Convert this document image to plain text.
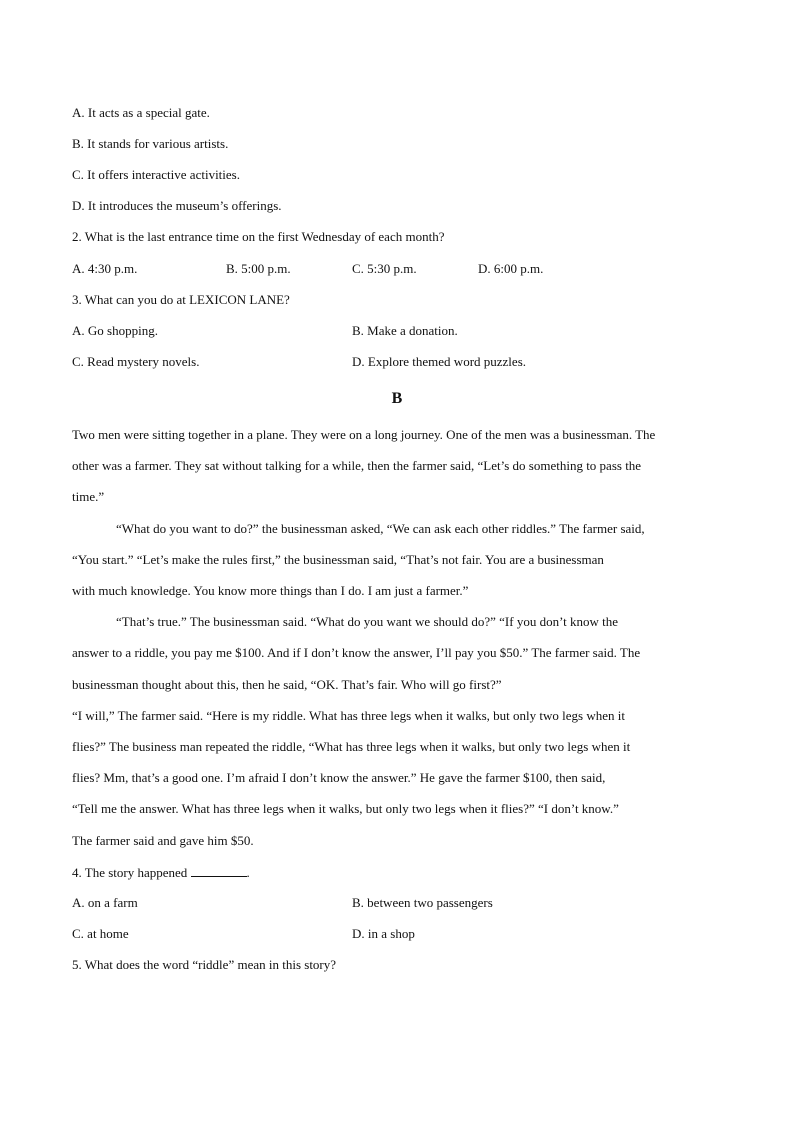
A. It acts as a special gate.
B. It stands for various artists.
C. It offers interactive activities.
D. It introduces the museum’s offerings.
2. What is the last entrance time on the first Wednesday of each month?
A. 4:30 p.m.	B. 5:00 p.m.	C. 5:30 p.m.	D. 6:00 p.m.
3. What can you do at LEXICON LANE?
A. Go shopping.	B. Make a donation.
C. Read mystery novels.	D. Explore themed word puzzles.
B
Two men were sitting together in a plane. They were on a long journey. One of the men was a businessman. The
other was a farmer. They sat without talking for a while, then the farmer said, “Let’s do something to pass the
time.”
“What do you want to do?” the businessman asked, “We can ask each other riddles.” The farmer said,
“You start.” “Let’s make the rules first,” the businessman said, “That’s not fair. You are a businessman
with much knowledge. You know more things than I do. I am just a farmer.”
“That’s true.” The businessman said. “What do you want we should do?” “If you don’t know the
answer to a riddle, you pay me $100. And if I don’t know the answer, I’ll pay you $50.” The farmer said. The
businessman thought about this, then he said, “OK. That’s fair. Who will go first?”
“I will,” The farmer said. “Here is my riddle. What has three legs when it walks, but only two legs when it
flies?” The business man repeated the riddle, “What has three legs when it walks, but only two legs when it
flies? Mm, that’s a good one. I’m afraid I don’t know the answer.” He gave the farmer $100, then said,
“Tell me the answer. What has three legs when it walks, but only two legs when it flies?” “I don’t know.”
The farmer said and gave him $50.
4. The story happened	.
A. on a farm	B. between two passengers
C. at home	D. in a shop
5. What does the word “riddle” mean in this story?
